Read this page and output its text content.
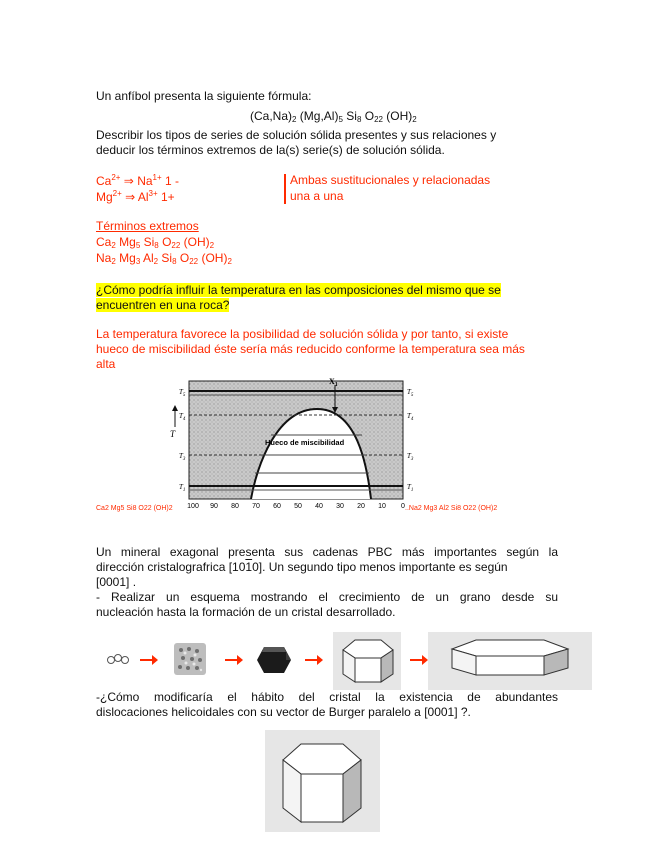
Un anfíbol presenta la siguiente fórmula:
$(Ca,Na)_2$ $(Mg,Al)_5$ $Si_8$ $O_{22}$ $(OH)_2$
Describir los tipos de series de solución sólida presentes y sus relaciones y
deducir los términos extremos de la(s) serie(s) de solución sólida.
$Ca^{2+}$ ⇒ $Na^{1+}$ 1 -
$Mg^{2+}$ ⇒ $Al^{3+}$ 1+
Ambas sustitucionales y relacionadas
una a una
Términos extremos
$Ca_2$ $Mg_5$ $Si_8$ $O_{22}$ $(OH)_2$
$Na_2$ $Mg_3$ $Al_2$ $Si_8$ $O_{22}$ $(OH)_2$
¿Cómo podría influir la temperatura en las composiciones del mismo que se
encuentren en una roca?
La temperatura favorece la posibilidad de solución sólida y por tanto, si existe
hueco de miscibilidad éste sería más reducido conforme la temperatura sea más
alta
$X_1$
Hueco de miscibilidad
T
$T_5$
$T_4$
$T_3$
$T_1$
$T_5$
$T_4$
$T_3$
$T_1$
100 90 80 70 60 50 40 30 20 10 0
Ca2 Mg5 Si8 O22 (OH)2	..Na2 Mg3 Al2 Si8 O22 (OH)2
Un mineral exagonal presenta sus cadenas PBC más importantes según la
dirección cristalografrica [1010]. Un segundo tipo menos importante es según
[0001] .
- Realizar un esquema mostrando el crecimiento de un grano desde su
nucleación hasta la formación de un cristal desarrollado.
-¿Cómo modificaría el hábito del cristal la existencia de abundantes
dislocaciones helicoidales con su vector de Burger paralelo a [0001] ?.
